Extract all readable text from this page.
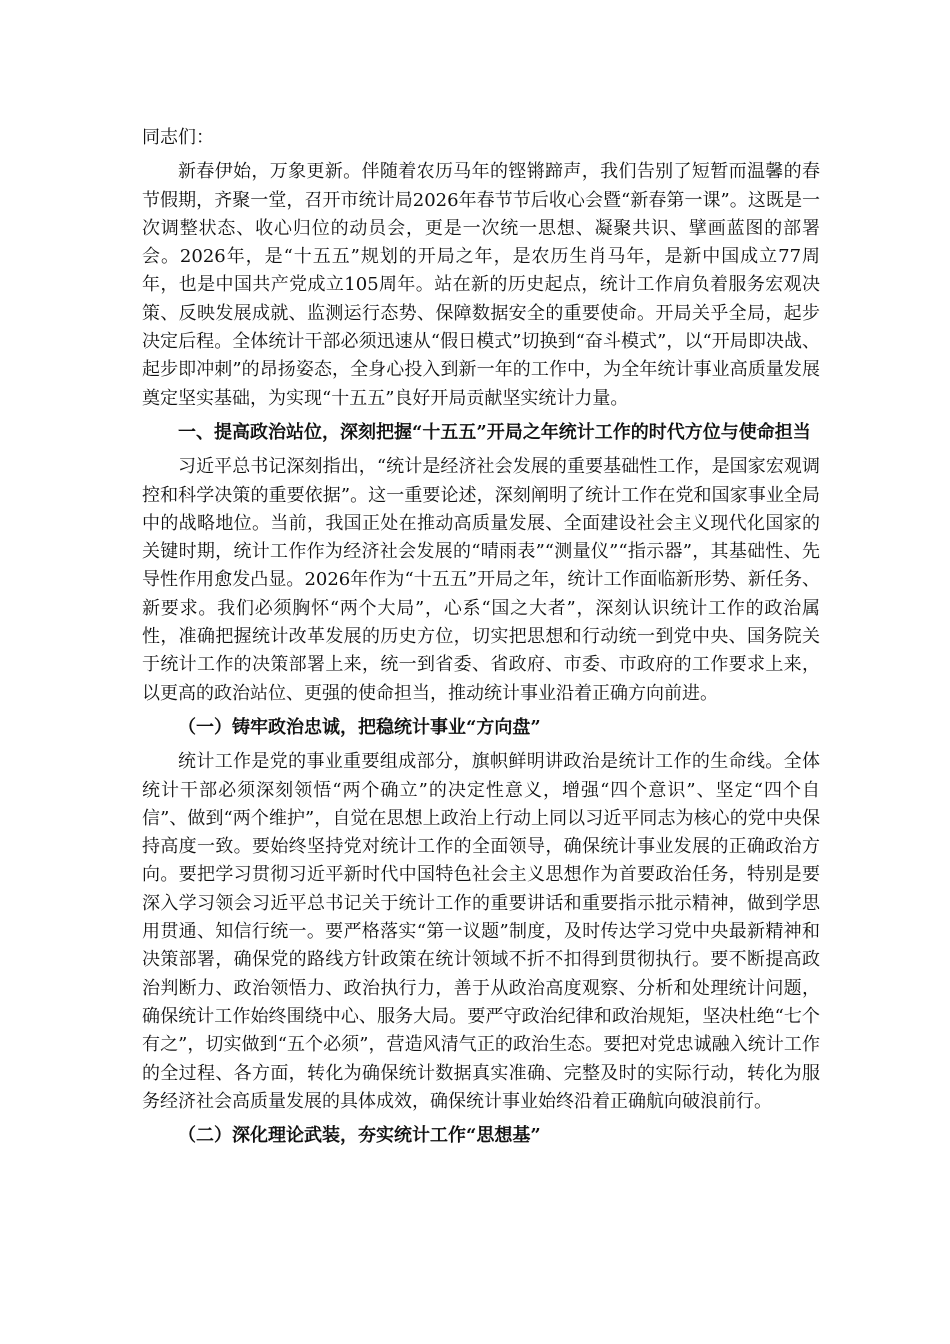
同志们：

新春伊始，万象更新。伴随着农历马年的铿锵蹄声，我们告别了短暂而温馨的春节假期，齐聚一堂，召开市统计局2026年春节节后收心会暨“新春第一课”。这既是一次调整状态、收心归位的动员会，更是一次统一思想、凝聚共识、擘画蓝图的部署会。2026年，是“十五五”规划的开局之年，是农历生肖马年，是新中国成立77周年，也是中国共产党成立105周年。站在新的历史起点，统计工作肩负着服务宏观决策、反映发展成就、监测运行态势、保障数据安全的重要使命。开局关乎全局，起步决定后程。全体统计干部必须迅速从“假日模式”切换到“奋斗模式”，以“开局即决战、起步即冲刺”的昂扬姿态，全身心投入到新一年的工作中，为全年统计事业高质量发展奠定坚实基础，为实现“十五五”良好开局贡献坚实统计力量。

一、提高政治站位，深刻把握“十五五”开局之年统计工作的时代方位与使命担当

习近平总书记深刻指出，“统计是经济社会发展的重要基础性工作，是国家宏观调控和科学决策的重要依据”。这一重要论述，深刻阐明了统计工作在党和国家事业全局中的战略地位。当前，我国正处在推动高质量发展、全面建设社会主义现代化国家的关键时期，统计工作作为经济社会发展的“晴雨表”“测量仪”“指示器”，其基础性、先导性作用愈发凸显。2026年作为“十五五”开局之年，统计工作面临新形势、新任务、新要求。我们必须胸怀“两个大局”，心系“国之大者”，深刻认识统计工作的政治属性，准确把握统计改革发展的历史方位，切实把思想和行动统一到党中央、国务院关于统计工作的决策部署上来，统一到省委、省政府、市委、市政府的工作要求上来，以更高的政治站位、更强的使命担当，推动统计事业沿着正确方向前进。

（一）铸牢政治忠诚，把稳统计事业“方向盘”

统计工作是党的事业重要组成部分，旗帜鲜明讲政治是统计工作的生命线。全体统计干部必须深刻领悟“两个确立”的决定性意义，增强“四个意识”、坚定“四个自信”、做到“两个维护”，自觉在思想上政治上行动上同以习近平同志为核心的党中央保持高度一致。要始终坚持党对统计工作的全面领导，确保统计事业发展的正确政治方向。要把学习贯彻习近平新时代中国特色社会主义思想作为首要政治任务，特别是要深入学习领会习近平总书记关于统计工作的重要讲话和重要指示批示精神，做到学思用贯通、知信行统一。要严格落实“第一议题”制度，及时传达学习党中央最新精神和决策部署，确保党的路线方针政策在统计领域不折不扣得到贯彻执行。要不断提高政治判断力、政治领悟力、政治执行力，善于从政治高度观察、分析和处理统计问题，确保统计工作始终围绕中心、服务大局。要严守政治纪律和政治规矩，坚决杜绝“七个有之”，切实做到“五个必须”，营造风清气正的政治生态。要把对党忠诚融入统计工作的全过程、各方面，转化为确保统计数据真实准确、完整及时的实际行动，转化为服务经济社会高质量发展的具体成效，确保统计事业始终沿着正确航向破浪前行。

（二）深化理论武装，夯实统计工作“思想基”
